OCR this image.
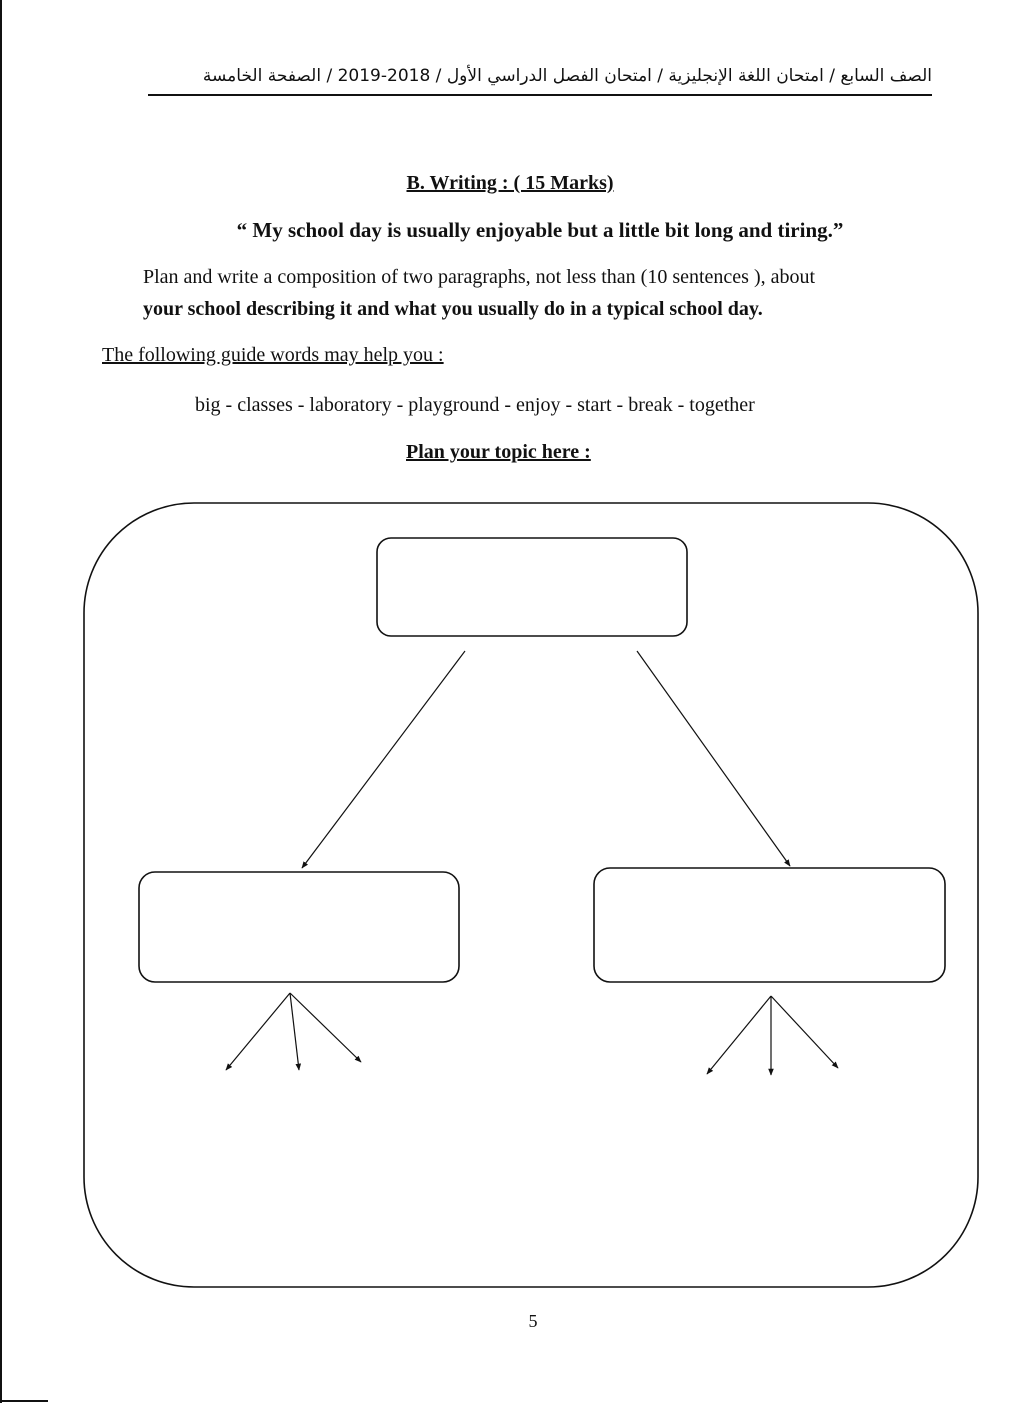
الصف السابع / امتحان اللغة الإنجليزية / امتحان الفصل الدراسي الأول / 2018-2019 / الصفحة الخامسة
B. Writing : ( 15 Marks)
“ My school day is usually enjoyable but a little bit long and tiring.”
Plan and write a composition of two paragraphs, not less than (10 sentences ), about
your school describing it and what you usually do in a typical school day.
The following guide words may help you :
big - classes - laboratory - playground - enjoy - start - break - together
Plan your topic here :
5
